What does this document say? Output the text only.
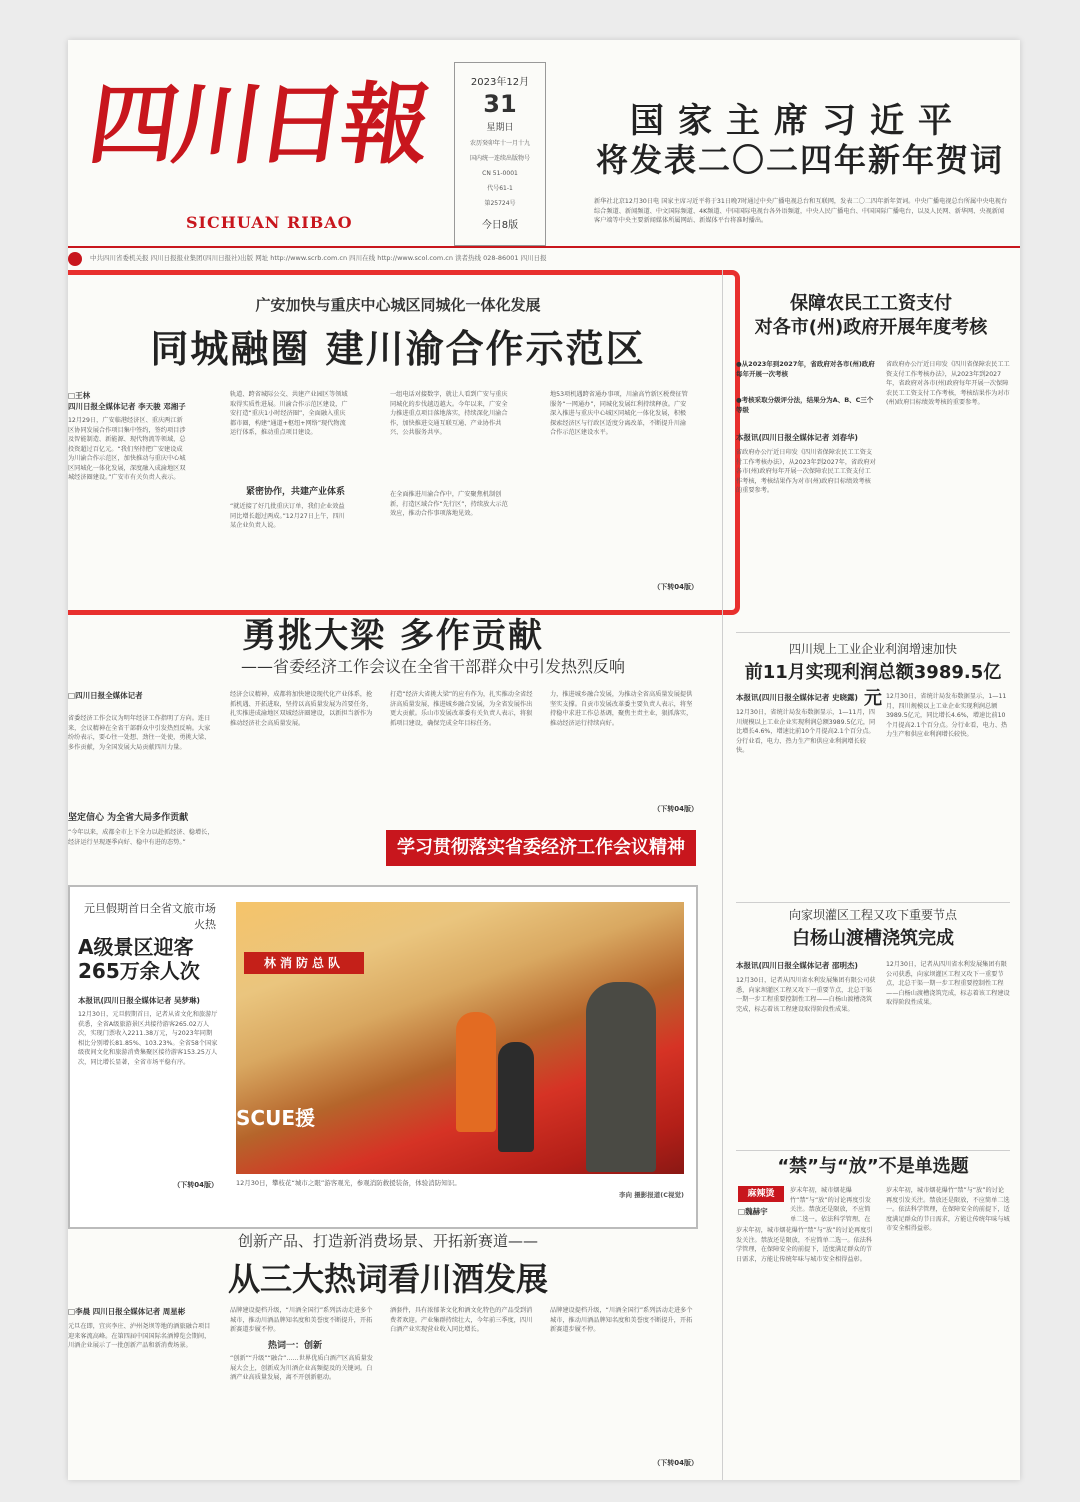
四川日報
SICHUAN RIBAO
2023年12月
31
星期日
农历癸卯年十一月十九
国内统一连续出版物号
CN 51-0001
代号61-1
第25724号
今日8版
国家主席习近平
将发表二〇二四年新年贺词
新华社北京12月30日电 国家主席习近平将于31日晚7时通过中央广播电视总台和互联网，发表二〇二四年新年贺词。中央广播电视总台所属中央电视台综合频道、新闻频道、中文国际频道、4K频道、中国国际电视台各外语频道，中央人民广播电台、中国国际广播电台，以及人民网、新华网、央视新闻客户端等中央主要新闻媒体所属网站、新媒体平台将准时播出。
中共四川省委机关报 四川日报报业集团(四川日报社)出版 网址 http://www.scrb.com.cn 四川在线 http://www.scol.com.cn 读者热线 028-86001 四川日报
广安加快与重庆中心城区同城化一体化发展
同城融圈 建川渝合作示范区
□王林
四川日报全媒体记者 李天骏 邓湘子
12月29日，广安临港经济区、重庆两江新区协同发展合作项目集中签约，签约项目涉及智能制造、新能源、现代物流等领域，总投资超过百亿元。“我们坚持把广安建设成为川渝合作示范区，加快推动与重庆中心城区同城化一体化发展，深度融入成渝地区双城经济圈建设。”广安市有关负责人表示。
轨道、跨省城际公交、共建产业园区等领域取得实质性进展。川渝合作示范区建设，广安打造“重庆1小时经济圈”，全面融入重庆都市圈，构建“通道+枢纽+网络”现代物流运行体系，推动重点项目建设。
紧密协作，共建产业体系
“就近接了好几批重庆订单，我们企业效益同比增长超过两成。”12月27日上午，四川某企业负责人说。
一组电话对接数字，就让人看到广安与重庆同城化的步伐越迈越大。今年以来，广安全力推进重点项目落地落实，持续深化川渝合作，加快推进交通互联互通、产业协作共兴、公共服务共享。
在全面推进川渝合作中，广安聚焦机制创新，打造区域合作“先行区”，持续放大示范效应，推动合作事项落地见效。
地53项机遇跨省通办事项，川渝高竹新区税费征管服务“一网通办”，同城化发展红利持续释放。广安深入推进与重庆中心城区同城化一体化发展，积极探索经济区与行政区适度分离改革，不断提升川渝合作示范区建设水平。
（下转04版）
勇挑大梁 多作贡献
——省委经济工作会议在全省干部群众中引发热烈反响
□四川日报全媒体记者
省委经济工作会议为明年经济工作指明了方向。连日来，会议精神在全省干部群众中引发热烈反响。大家纷纷表示，要心往一处想、劲往一处使，勇挑大梁、多作贡献，为全国发展大局贡献四川力量。
坚定信心 为全省大局多作贡献
“今年以来，成都全市上下全力以赴抓经济、稳增长，经济运行呈现逐季向好、稳中有进的态势。”
经济会议精神，成都将加快建设现代化产业体系，抢抓机遇、开拓进取，坚持以高质量发展为首要任务，扎实推进成渝地区双城经济圈建设，以新担当新作为推动经济社会高质量发展。
打造“经济大省挑大梁”的应有作为，扎实推动全省经济高质量发展，推进城乡融合发展，为全省发展作出更大贡献。乐山市发展改革委有关负责人表示，将狠抓项目建设，确保完成全年目标任务。
力，推进城乡融合发展，为推动全省高质量发展提供坚实支撑。自贡市发展改革委主要负责人表示，将坚持稳中求进工作总基调，聚焦主责主业，狠抓落实，推动经济运行持续向好。
（下转04版）
学习贯彻落实省委经济工作会议精神
元旦假期首日全省文旅市场火热
A级景区迎客265万余人次
本报讯(四川日报全媒体记者 吴梦琳)
12月30日，元旦假期首日，记者从省文化和旅游厅获悉，全省A级旅游景区共接待游客265.02万人次，实现门票收入2211.38万元，与2023年同期相比分别增长81.85%、103.23%。全省58个国家级夜间文化和旅游消费集聚区接待游客153.25万人次，同比增长显著，全省市场平稳有序。
（下转04版）
林消防总队
SCUE援
12月30日，攀枝花“城市之眼”游客观光，参观消防救援装备，体验消防知识。
李向 摄影报道(C视觉)
创新产品、打造新消费场景、开拓新赛道——
从三大热词看川酒发展
□李晨 四川日报全媒体记者 周星彬
元旦在即，宜宾李庄、泸州尧坝等地的酒旅融合项目迎来客流高峰。在第四届中国国际名酒博览会期间，川酒企业展示了一批创新产品和新消费场景。
品牌建设提档升级，“川酒全国行”系列活动走进多个城市，推动川酒品牌知名度和美誉度不断提升，开拓新赛道步履不停。
热词一：创新
“创新”“升级”“融合”……世界优质白酒产区高质量发展大会上，创新成为川酒企业高频提及的关键词。白酒产业高质量发展，离不开创新驱动。
酒套件，具有浓郁茶文化和酒文化特色的产品受到消费者欢迎。产业集群持续壮大，今年前三季度，四川白酒产业实现营业收入同比增长。
品牌建设提档升级，“川酒全国行”系列活动走进多个城市，推动川酒品牌知名度和美誉度不断提升，开拓新赛道步履不停。
（下转04版）
保障农民工工资支付
对各市(州)政府开展年度考核
●从2023年到2027年，省政府对各市(州)政府每年开展一次考核
●考核采取分级评分法，结果分为A、B、C三个等级
本报讯(四川日报全媒体记者 刘春华)
省政府办公厅近日印发《四川省保障农民工工资支付工作考核办法》，从2023年到2027年，省政府对各市(州)政府每年开展一次保障农民工工资支付工作考核，考核结果作为对市(州)政府目标绩效考核的重要参考。
省政府办公厅近日印发《四川省保障农民工工资支付工作考核办法》，从2023年到2027年，省政府对各市(州)政府每年开展一次保障农民工工资支付工作考核，考核结果作为对市(州)政府目标绩效考核的重要参考。
四川规上工业企业利润增速加快
前11月实现利润总额3989.5亿元
本报讯(四川日报全媒体记者 史晓露)
12月30日，省统计局发布数据显示，1—11月，四川规模以上工业企业实现利润总额3989.5亿元，同比增长4.6%，增速比前10个月提高2.1个百分点。分行业看，电力、热力生产和供应业利润增长较快。
12月30日，省统计局发布数据显示，1—11月，四川规模以上工业企业实现利润总额3989.5亿元，同比增长4.6%，增速比前10个月提高2.1个百分点。分行业看，电力、热力生产和供应业利润增长较快。
向家坝灌区工程又攻下重要节点
白杨山渡槽浇筑完成
本报讯(四川日报全媒体记者 邵明杰)
12月30日，记者从四川省水利发展集团有限公司获悉，向家坝灌区工程又攻下一重要节点，北总干渠一期一步工程重要控制性工程——白杨山渡槽浇筑完成，标志着该工程建设取得阶段性成果。
12月30日，记者从四川省水利发展集团有限公司获悉，向家坝灌区工程又攻下一重要节点，北总干渠一期一步工程重要控制性工程——白杨山渡槽浇筑完成，标志着该工程建设取得阶段性成果。
“禁”与“放”不是单选题
麻辣烫
□魏赫宇
岁末年初，城市烟花爆竹“禁”与“放”的讨论再度引发关注。禁放还是限放，不应简单二选一。依法科学管理，在
岁末年初，城市烟花爆竹“禁”与“放”的讨论再度引发关注。禁放还是限放，不应简单二选一。依法科学管理，在保障安全的前提下，适度满足群众的节日需求，方能让传统年味与城市安全相得益彰。
岁末年初，城市烟花爆竹“禁”与“放”的讨论再度引发关注。禁放还是限放，不应简单二选一。依法科学管理，在保障安全的前提下，适度满足群众的节日需求，方能让传统年味与城市安全相得益彰。
